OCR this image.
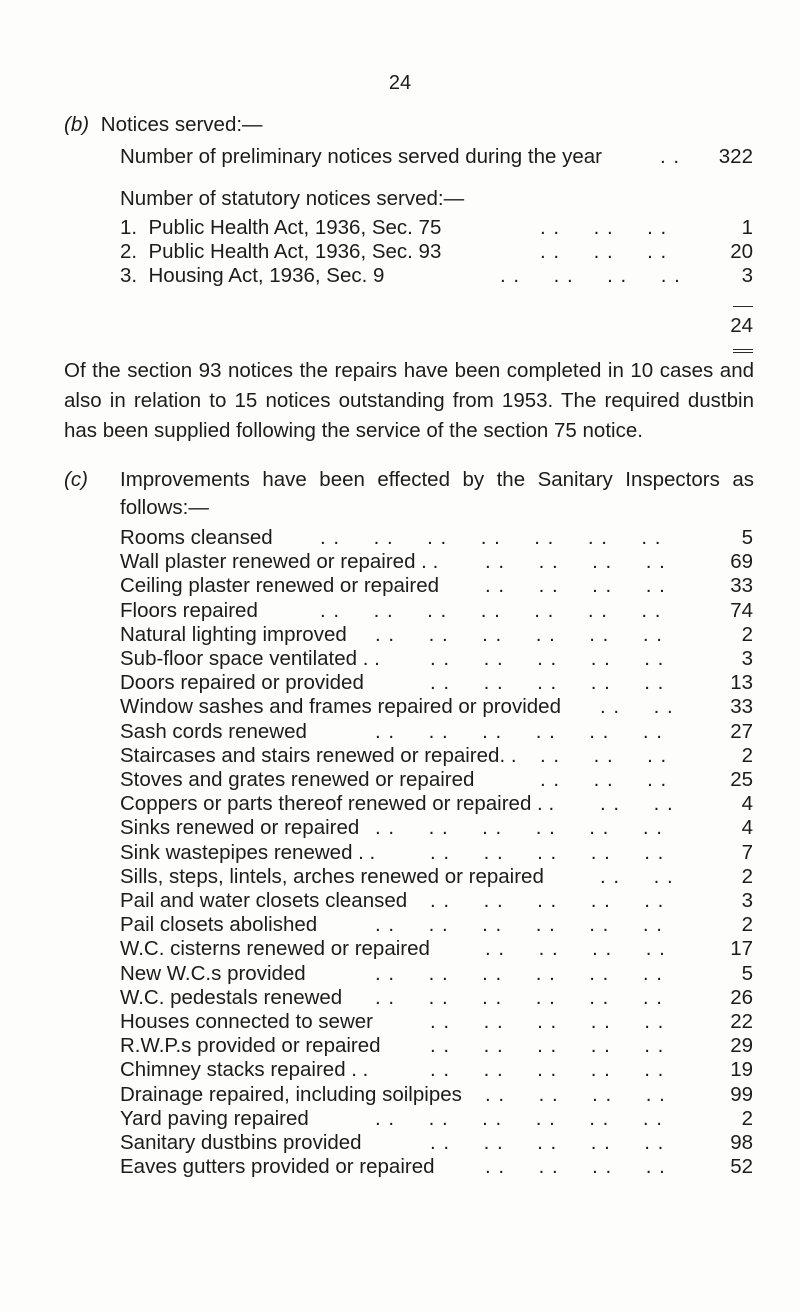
24
(b) Notices served:—
Number of preliminary notices served during the year	. . 322
Number of statutory notices served:—
1.  Public Health Act, 1936, Sec. 75	. .     . .     . .	1
2.  Public Health Act, 1936, Sec. 93	. .     . .     . .	20
3.  Housing Act, 1936, Sec. 9	. .     . .     . .     . .	3
24
Of the section 93 notices the repairs have been completed in 10 cases and also in relation to 15 notices outstanding from 1953. The required dustbin has been supplied following the service of the section 75 notice.
(c) Improvements have been effected by the Sanitary Inspectors as
follows:—
Rooms cleansed . .     . .     . .     . .     . .     . .     . .	5
Wall plaster renewed or repaired . . . .     . .     . .     . .	69
Ceiling plaster renewed or repaired . .     . .     . .     . .	33
Floors repaired	. .     . .     . .     . .     . .     . .     . .	74
Natural lighting improved . .     . .     . .     . .     . .     . .	2
Sub-floor space ventilated . . . .     . .     . .     . .     . .	3
Doors repaired or provided	. .     . .     . .     . .     . .	13
Window sashes and frames repaired or provided . .     . .	33
Sash cords renewed	. .     . .     . .     . .     . .     . .	27
Staircases and stairs renewed or repaired. . . .     . .     . .	2
Stoves and grates renewed or repaired	. .     . .     . .	25
Coppers or parts thereof renewed or repaired . . . .     . .	4
Sinks renewed or repaired . .     . .     . .     . .     . .     . .	4
Sink wastepipes renewed . .	. .     . .     . .     . .     . .	7
Sills, steps, lintels, arches renewed or repaired	. .     . .	2
Pail and water closets cleansed . .     . .     . .     . .     . .	3
Pail closets abolished	. .     . .     . .     . .     . .     . .	2
W.C. cisterns renewed or repaired	. .     . .     . .     . .	17
New W.C.s provided	. .     . .     . .     . .     . .     . .	5
W.C. pedestals renewed . .     . .     . .     . .     . .     . .	26
Houses connected to sewer	. .     . .     . .     . .     . .	22
R.W.P.s provided or repaired . .     . .     . .     . .     . .	29
Chimney stacks repaired . .	. .     . .     . .     . .     . .	19
Drainage repaired, including soilpipes . .     . .     . .     . .	99
Yard paving repaired	. .     . .     . .     . .     . .     . .	2
Sanitary dustbins provided	. .     . .     . .     . .     . .	98
Eaves gutters provided or repaired . .     . .     . .     . .	52
